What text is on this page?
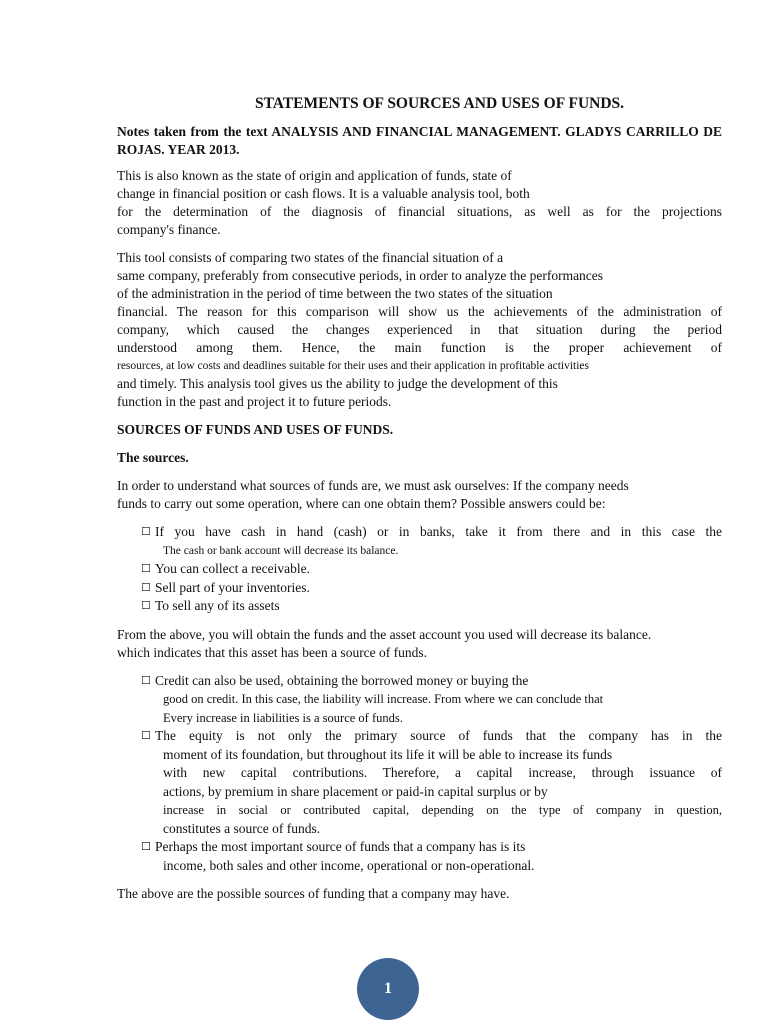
STATEMENTS OF SOURCES AND USES OF FUNDS.
Notes taken from the text ANALYSIS AND FINANCIAL MANAGEMENT. GLADYS CARRILLO DE ROJAS. YEAR 2013.
This is also known as the state of origin and application of funds, state of
change in financial position or cash flows. It is a valuable analysis tool, both
for the determination of the diagnosis of financial situations, as well as for the projections
company's finance.
This tool consists of comparing two states of the financial situation of a
same company, preferably from consecutive periods, in order to analyze the performances
of the administration in the period of time between the two states of the situation
financial. The reason for this comparison will show us the achievements of the administration of
company, which caused the changes experienced in that situation during the period
understood among them. Hence, the main function is the proper achievement of
resources, at low costs and deadlines suitable for their uses and their application in profitable activities
and timely. This analysis tool gives us the ability to judge the development of this
function in the past and project it to future periods.
SOURCES OF FUNDS AND USES OF FUNDS.
The sources.
In order to understand what sources of funds are, we must ask ourselves: If the company needs
funds to carry out some operation, where can one obtain them? Possible answers could be:
☐ If you have cash in hand (cash) or in banks, take it from there and in this case the
The cash or bank account will decrease its balance.
☐ You can collect a receivable.
☐ Sell part of your inventories.
☐ To sell any of its assets
From the above, you will obtain the funds and the asset account you used will decrease its balance.
which indicates that this asset has been a source of funds.
☐ Credit can also be used, obtaining the borrowed money or buying the
good on credit. In this case, the liability will increase. From where we can conclude that
Every increase in liabilities is a source of funds.
☐ The equity is not only the primary source of funds that the company has in the
moment of its foundation, but throughout its life it will be able to increase its funds
with new capital contributions. Therefore, a capital increase, through issuance of
actions, by premium in share placement or paid-in capital surplus or by
increase in social or contributed capital, depending on the type of company in question,
constitutes a source of funds.
☐ Perhaps the most important source of funds that a company has is its
income, both sales and other income, operational or non-operational.
The above are the possible sources of funding that a company may have.
1
